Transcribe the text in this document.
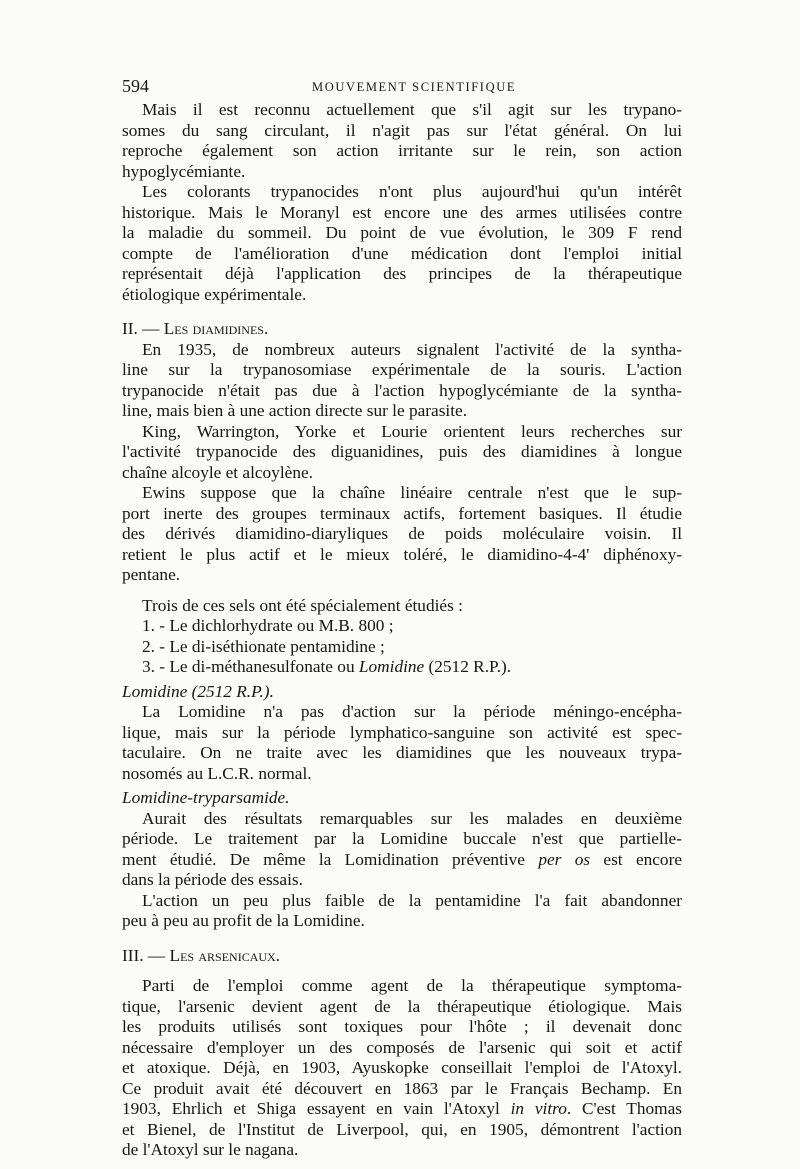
594	MOUVEMENT SCIENTIFIQUE
Mais il est reconnu actuellement que s'il agit sur les trypano-
somes du sang circulant, il n'agit pas sur l'état général. On lui
reproche également son action irritante sur le rein, son action
hypoglycémiante.
Les colorants trypanocides n'ont plus aujourd'hui qu'un intérêt
historique. Mais le Moranyl est encore une des armes utilisées contre
la maladie du sommeil. Du point de vue évolution, le 309 F rend
compte de l'amélioration d'une médication dont l'emploi initial
représentait déjà l'application des principes de la thérapeutique
étiologique expérimentale.
II. — Les diamidines.
En 1935, de nombreux auteurs signalent l'activité de la syntha-
line sur la trypanosomiase expérimentale de la souris. L'action
trypanocide n'était pas due à l'action hypoglycémiante de la syntha-
line, mais bien à une action directe sur le parasite.
King, Warrington, Yorke et Lourie orientent leurs recherches sur
l'activité trypanocide des diguanidines, puis des diamidines à longue
chaîne alcoyle et alcoylène.
Ewins suppose que la chaîne linéaire centrale n'est que le sup-
port inerte des groupes terminaux actifs, fortement basiques. Il étudie
des dérivés diamidino-diaryliques de poids moléculaire voisin. Il
retient le plus actif et le mieux toléré, le diamidino-4-4' diphénoxy-
pentane.
Trois de ces sels ont été spécialement étudiés :
1. - Le dichlorhydrate ou M.B. 800 ;
2. - Le di-iséthionate pentamidine ;
3. - Le di-méthanesulfonate ou Lomidine (2512 R.P.).
Lomidine (2512 R.P.).
La Lomidine n'a pas d'action sur la période méningo-encépha-
lique, mais sur la période lymphatico-sanguine son activité est spec-
taculaire. On ne traite avec les diamidines que les nouveaux trypa-
nosomés au L.C.R. normal.
Lomidine-tryparsamide.
Aurait des résultats remarquables sur les malades en deuxième
période. Le traitement par la Lomidine buccale n'est que partielle-
ment étudié. De même la Lomidination préventive per os est encore
dans la période des essais.
L'action un peu plus faible de la pentamidine l'a fait abandonner
peu à peu au profit de la Lomidine.
III. — Les arsenicaux.
Parti de l'emploi comme agent de la thérapeutique symptoma-
tique, l'arsenic devient agent de la thérapeutique étiologique. Mais
les produits utilisés sont toxiques pour l'hôte ; il devenait donc
nécessaire d'employer un des composés de l'arsenic qui soit et actif
et atoxique. Déjà, en 1903, Ayuskopke conseillait l'emploi de l'Atoxyl.
Ce produit avait été découvert en 1863 par le Français Bechamp. En
1903, Ehrlich et Shiga essayent en vain l'Atoxyl in vitro. C'est Thomas
et Bienel, de l'Institut de Liverpool, qui, en 1905, démontrent l'action
de l'Atoxyl sur le nagana.
